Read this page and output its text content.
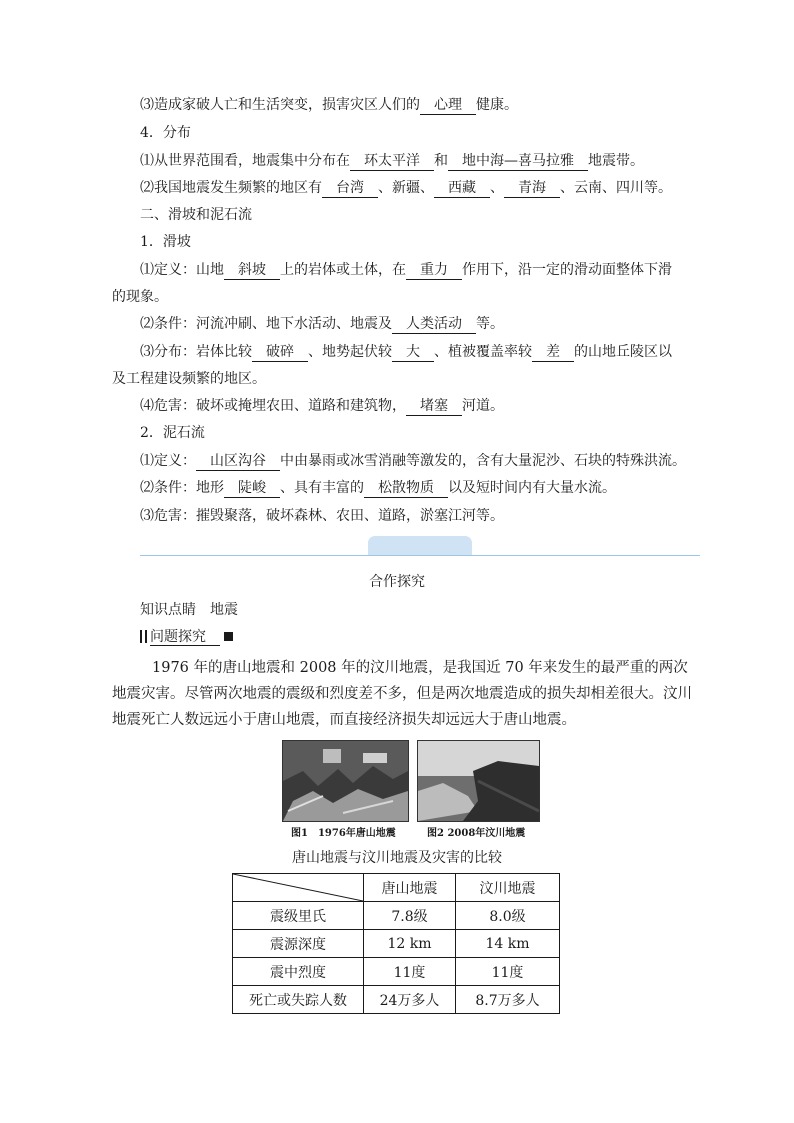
⑶造成家破人亡和生活突变，损害灾区人们的 心理 健康。
4．分布
⑴从世界范围看，地震集中分布在 环太平洋 和 地中海—喜马拉雅 地震带。
⑵我国地震发生频繁的地区有 台湾 、新疆、 西藏 、 青海 、云南、四川等。
二、滑坡和泥石流
1．滑坡
⑴定义：山地 斜坡 上的岩体或土体，在 重力 作用下，沿一定的滑动面整体下滑
的现象。
⑵条件：河流冲刷、地下水活动、地震及 人类活动 等。
⑶分布：岩体比较 破碎 、地势起伏较 大 、植被覆盖率较 差 的山地丘陵区以
及工程建设频繁的地区。
⑷危害：破坏或掩埋农田、道路和建筑物， 堵塞 河道。
2．泥石流
⑴定义： 山区沟谷 中由暴雨或冰雪消融等激发的，含有大量泥沙、石块的特殊洪流。
⑵条件：地形 陡峻 、具有丰富的 松散物质 以及短时间内有大量水流。
⑶危害：摧毁聚落，破坏森林、农田、道路，淤塞江河等。
合作探究
知识点睛　地震
问题探究
1976 年的唐山地震和 2008 年的汶川地震，是我国近 70 年来发生的最严重的两次地震灾害。尽管两次地震的震级和烈度差不多，但是两次地震造成的损失却相差很大。汶川地震死亡人数远远小于唐山地震，而直接经济损失却远远大于唐山地震。
图1　1976年唐山地震	图2 2008年汶川地震
唐山地震与汶川地震及灾害的比较
	唐山地震	汶川地震
震级里氏	7.8级	8.0级
震源深度	12 km	14 km
震中烈度	11度	11度
死亡或失踪人数	24万多人	8.7万多人
